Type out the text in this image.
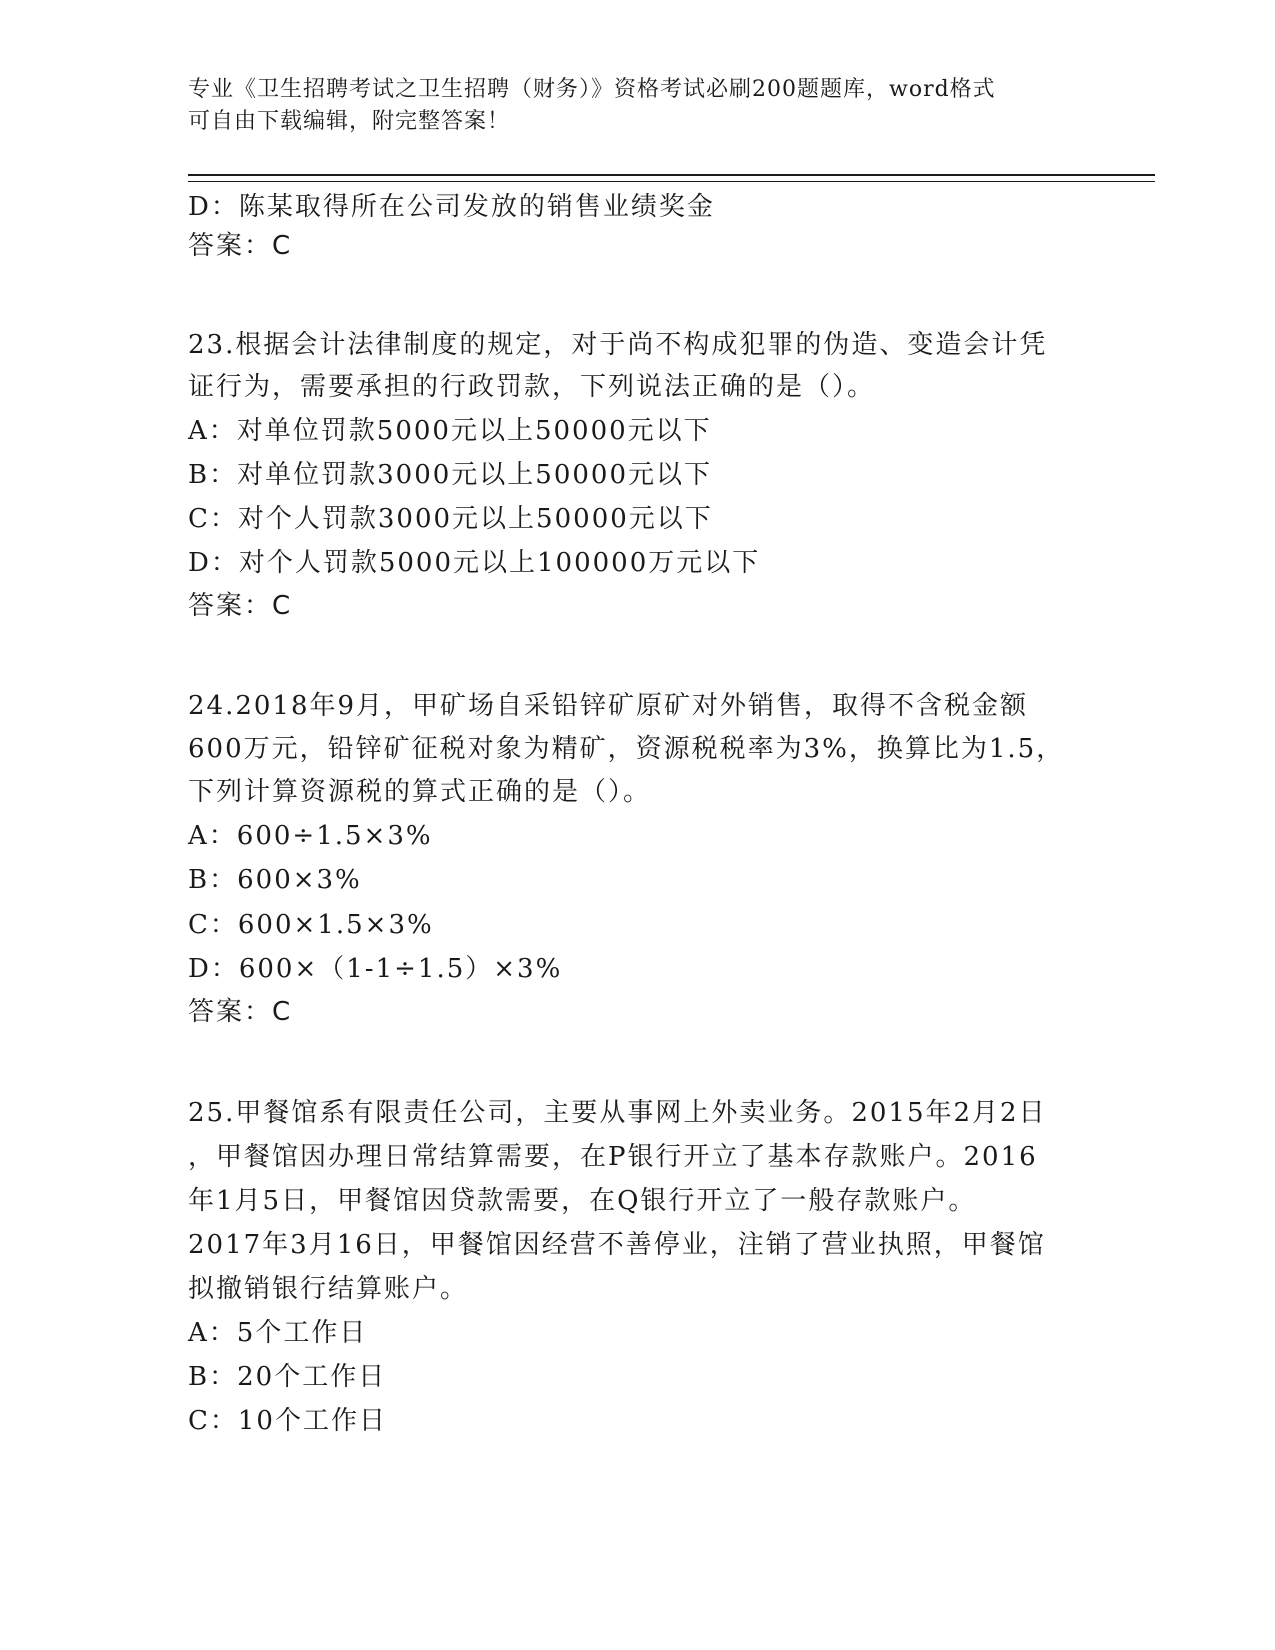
专业《卫生招聘考试之卫生招聘（财务）》资格考试必刷200题题库，word格式
可自由下载编辑，附完整答案！
D：陈某取得所在公司发放的销售业绩奖金
答案：C
23.根据会计法律制度的规定，对于尚不构成犯罪的伪造、变造会计凭
证行为，需要承担的行政罚款，下列说法正确的是（）。
A：对单位罚款5000元以上50000元以下
B：对单位罚款3000元以上50000元以下
C：对个人罚款3000元以上50000元以下
D：对个人罚款5000元以上100000万元以下
答案：C
24.2018年9月，甲矿场自采铅锌矿原矿对外销售，取得不含税金额
600万元，铅锌矿征税对象为精矿，资源税税率为3%，换算比为1.5，
下列计算资源税的算式正确的是（）。
A：600÷1.5×3%
B：600×3%
C：600×1.5×3%
D：600×（1-1÷1.5）×3%
答案：C
25.甲餐馆系有限责任公司，主要从事网上外卖业务。2015年2月2日
，甲餐馆因办理日常结算需要，在P银行开立了基本存款账户。2016
年1月5日，甲餐馆因贷款需要，在Q银行开立了一般存款账户。
2017年3月16日，甲餐馆因经营不善停业，注销了营业执照，甲餐馆
拟撤销银行结算账户。
A：5个工作日
B：20个工作日
C：10个工作日
